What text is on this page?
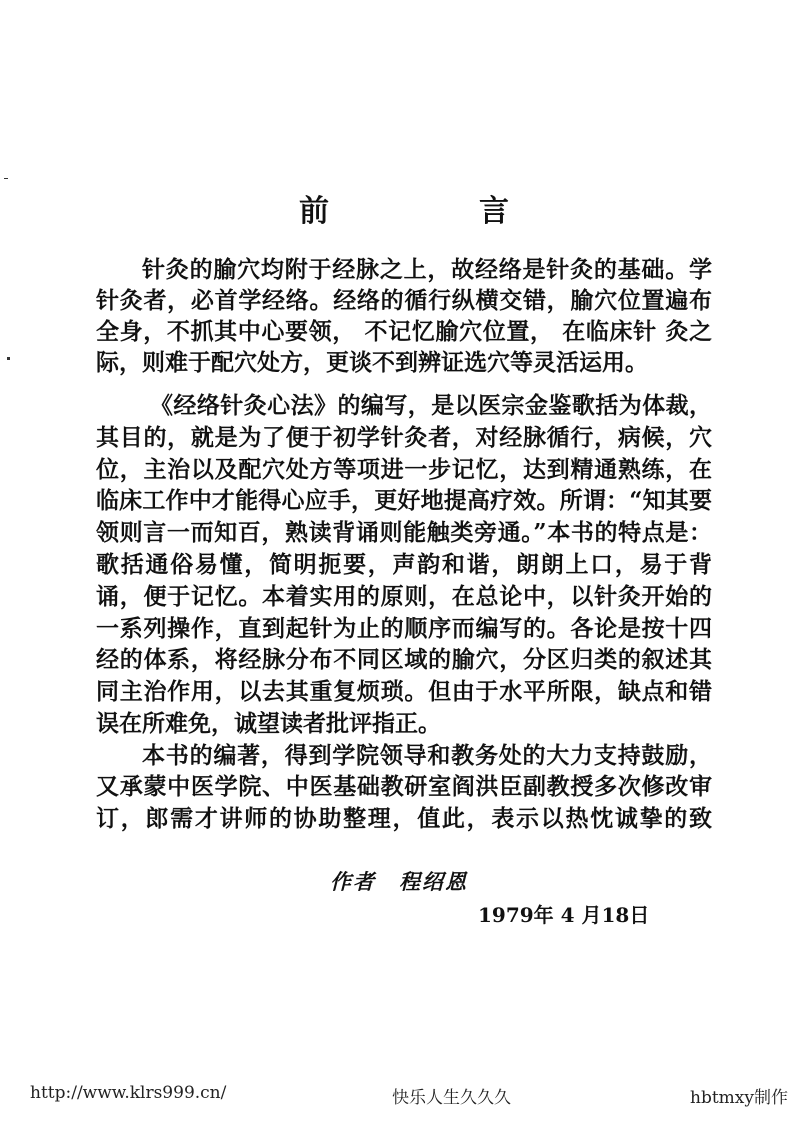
前　言
针灸的腧穴均附于经脉之上，故经络是针灸的基础。学
针灸者，必首学经络。经络的循行纵横交错，腧穴位置遍布
全身，不抓其中心要领， 不记忆腧穴位置， 在临床针 灸之
际，则难于配穴处方，更谈不到辨证选穴等灵活运用。
《经络针灸心法》的编写，是以医宗金鉴歌括为体裁，
其目的，就是为了便于初学针灸者，对经脉循行，病候，穴
位，主治以及配穴处方等项进一步记忆，达到精通熟练，在
临床工作中才能得心应手，更好地提高疗效。所谓：“知其要
领则言一而知百，熟读背诵则能触类旁通。”本书的特点是：
歌括通俗易懂，简明扼要，声韵和谐，朗朗上口，易于背
诵，便于记忆。本着实用的原则，在总论中，以针灸开始的
一系列操作，直到起针为止的顺序而编写的。各论是按十四
经的体系，将经脉分布不同区域的腧穴，分区归类的叙述其
同主治作用，以去其重复烦琐。但由于水平所限，缺点和错
误在所难免，诚望读者批评指正。
本书的编著，得到学院领导和教务处的大力支持鼓励，
又承蒙中医学院、中医基础教研室阎洪臣副教授多次修改审
订，郎需才讲师的协助整理，值此，表示以热忱诚挚的致
作者　程绍恩
1979年 4 月18日
http://www.klrs999.cn/	快乐人生久久久	hbtmxy制作
